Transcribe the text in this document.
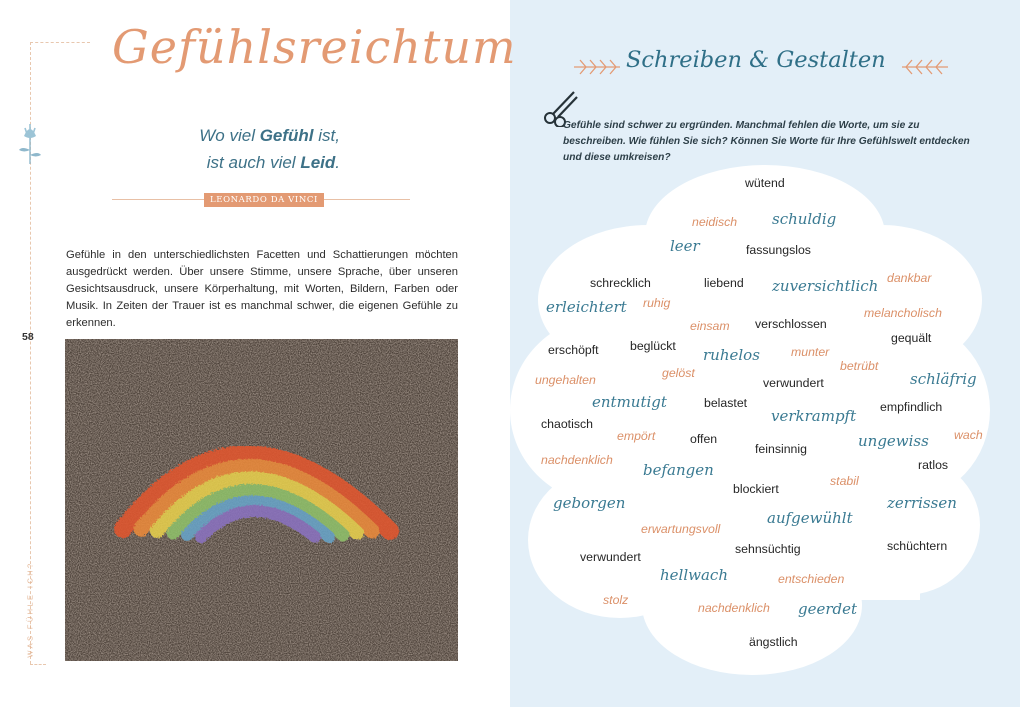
Gefühlsreichtum
Wo viel Gefühl ist,
ist auch viel Leid.
LEONARDO DA VINCI
Gefühle in den unterschiedlichsten Facetten und Schattierungen möchten ausgedrückt werden. Über unsere Stimme, unsere Sprache, über unseren Gesichtsausdruck, unsere Körperhaltung, mit Worten, Bildern, Farben oder Musik. In Zeiten der Trauer ist es manchmal schwer, die eigenen Gefühle zu erkennen.
58
WAS FÜHLE ICH?
Schreiben & Gestalten
Gefühle sind schwer zu ergründen. Manchmal fehlen die Worte, um sie zu beschreiben. Wie fühlen Sie sich? Können Sie Worte für Ihre Gefühlswelt entdecken und diese umkreisen?
wütend
neidisch schuldig
leer	fassungslos
schrecklich	liebend zuversichtlich dankbar
erleichtert ruhig
melancholisch
einsam verschlossen
gequält
erschöpft	beglückt ruhelos	munter
betrübt
gelöst
ungehalten	verwundert	schläfrig
entmutigt	belastet
verkrampft empfindlich
chaotisch
empört	offen	ungewiss wach
feinsinnig
nachdenklich
befangen	ratlos
stabil
blockiert
geborgen	zerrissen
aufgewühlt
erwartungsvoll
sehnsüchtig	schüchtern
verwundert
hellwach	entschieden
stolz
nachdenklich geerdet
ängstlich
